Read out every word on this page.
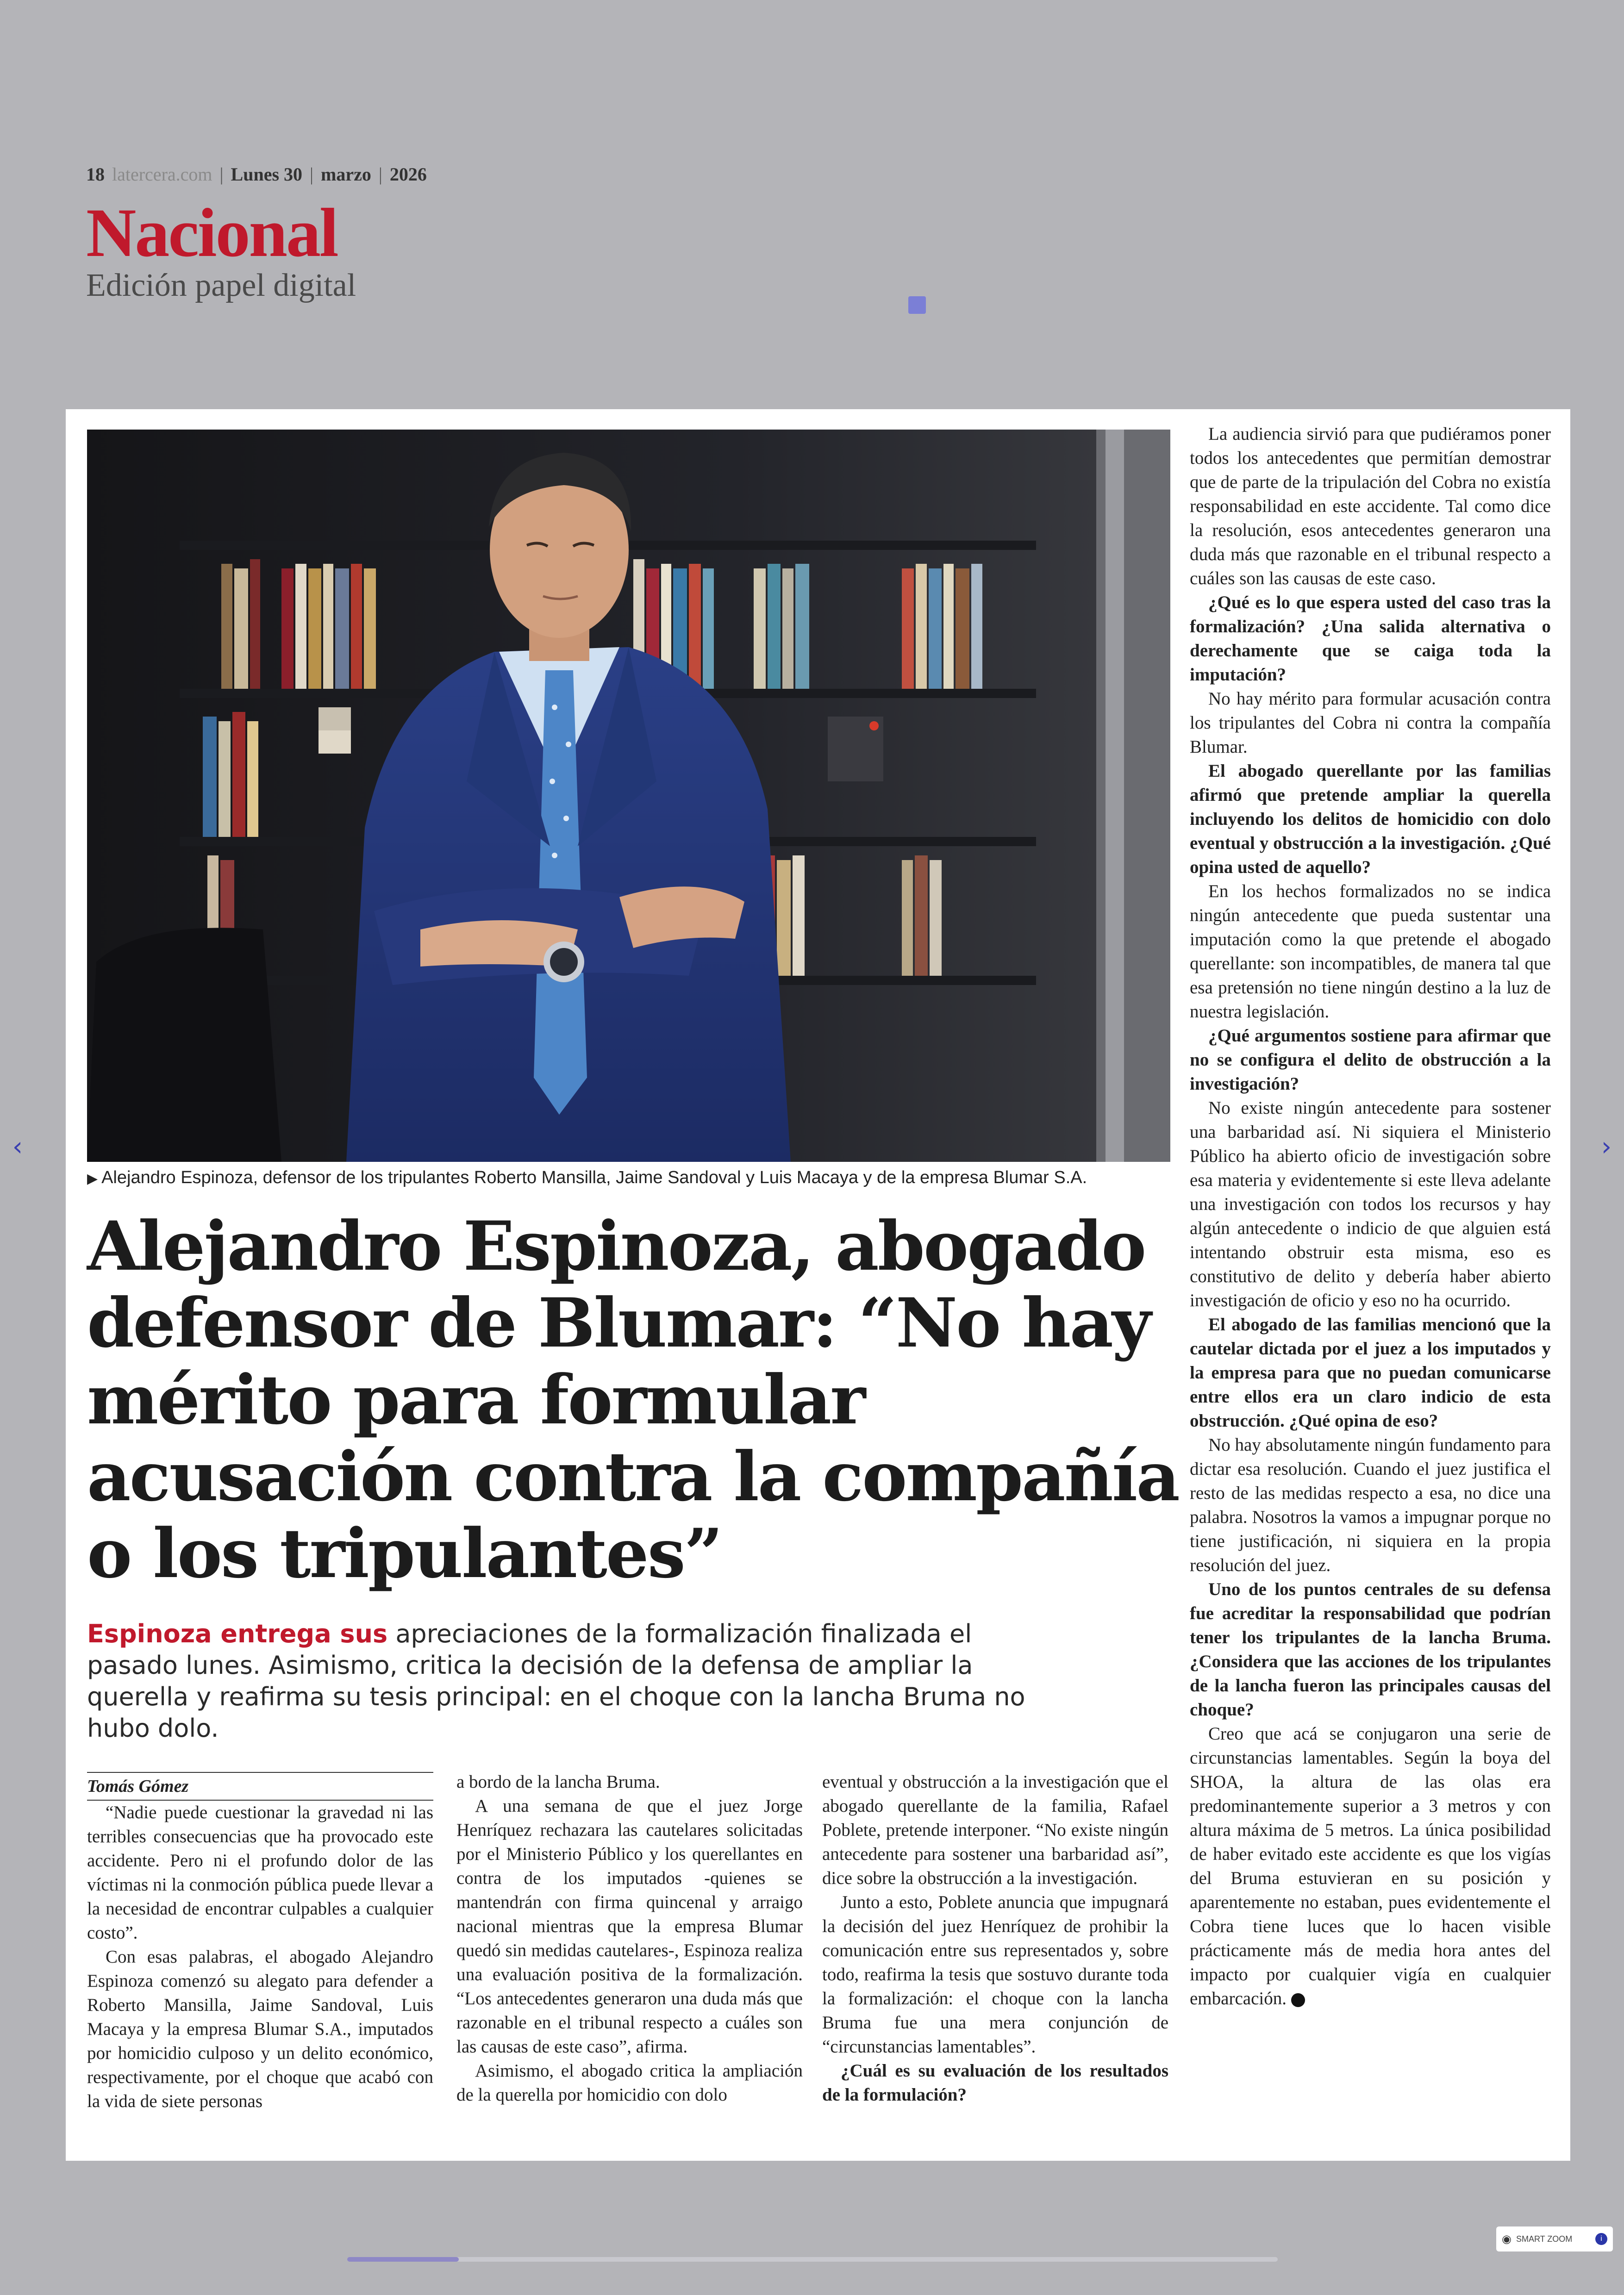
18 latercera.com | Lunes 30 | marzo | 2026
Nacional
Edición papel digital
▶ Alejandro Espinoza, defensor de los tripulantes Roberto Mansilla, Jaime Sandoval y Luis Macaya y de la empresa Blumar S.A.
Alejandro Espinoza, abogado defensor de Blumar: “No hay mérito para formular acusación contra la compañía o los tripulantes”

Espinoza entrega sus apreciaciones de la formalización finalizada el pasado lunes. Asimismo, critica la decisión de la defensa de ampliar la querella y reafirma su tesis principal: en el choque con la lancha Bruma no hubo dolo.

Tomás Gómez

“Nadie puede cuestionar la gravedad ni las terribles consecuencias que ha provocado este accidente. Pero ni el profundo dolor de las víctimas ni la conmoción pública puede llevar a la necesidad de encontrar culpables a cualquier costo”.

Con esas palabras, el abogado Alejandro Espinoza comenzó su alegato para defender a Roberto Mansilla, Jaime Sandoval, Luis Macaya y la empresa Blumar S.A., imputados por homicidio culposo y un delito económico, respectivamente, por el choque que acabó con la vida de siete personas

a bordo de la lancha Bruma.

A una semana de que el juez Jorge Henríquez rechazara las cautelares solicitadas por el Ministerio Público y los querellantes en contra de los imputados -quienes se mantendrán con firma quincenal y arraigo nacional mientras que la empresa Blumar quedó sin medidas cautelares-, Espinoza realiza una evaluación positiva de la formalización. “Los antecedentes generaron una duda más que razonable en el tribunal respecto a cuáles son las causas de este caso”, afirma.

Asimismo, el abogado critica la ampliación de la querella por homicidio con dolo

eventual y obstrucción a la investigación que el abogado querellante de la familia, Rafael Poblete, pretende interponer. “No existe ningún antecedente para sostener una barbaridad así”, dice sobre la obstrucción a la investigación.

Junto a esto, Poblete anuncia que impugnará la decisión del juez Henríquez de prohibir la comunicación entre sus representados y, sobre todo, reafirma la tesis que sostuvo durante toda la formalización: el choque con la lancha Bruma fue una mera conjunción de “circunstancias lamentables”.

¿Cuál es su evaluación de los resultados de la formulación?

La audiencia sirvió para que pudiéramos poner todos los antecedentes que permitían demostrar que de parte de la tripulación del Cobra no existía responsabilidad en este accidente. Tal como dice la resolución, esos antecedentes generaron una duda más que razonable en el tribunal respecto a cuáles son las causas de este caso.

¿Qué es lo que espera usted del caso tras la formalización? ¿Una salida alternativa o derechamente que se caiga toda la imputación?

No hay mérito para formular acusación contra los tripulantes del Cobra ni contra la compañía Blumar.

El abogado querellante por las familias afirmó que pretende ampliar la querella incluyendo los delitos de homicidio con dolo eventual y obstrucción a la investigación. ¿Qué opina usted de aquello?

En los hechos formalizados no se indica ningún antecedente que pueda sustentar una imputación como la que pretende el abogado querellante: son incompatibles, de manera tal que esa pretensión no tiene ningún destino a la luz de nuestra legislación.

¿Qué argumentos sostiene para afirmar que no se configura el delito de obstrucción a la investigación?

No existe ningún antecedente para sostener una barbaridad así. Ni siquiera el Ministerio Público ha abierto oficio de investigación sobre esa materia y evidentemente si este lleva adelante una investigación con todos los recursos y hay algún antecedente o indicio de que alguien está intentando obstruir esta misma, eso es constitutivo de delito y debería haber abierto investigación de oficio y eso no ha ocurrido.

El abogado de las familias mencionó que la cautelar dictada por el juez a los imputados y la empresa para que no puedan comunicarse entre ellos era un claro indicio de esta obstrucción. ¿Qué opina de eso?

No hay absolutamente ningún fundamento para dictar esa resolución. Cuando el juez justifica el resto de las medidas respecto a esa, no dice una palabra. Nosotros la vamos a impugnar porque no tiene justificación, ni siquiera en la propia resolución del juez.

Uno de los puntos centrales de su defensa fue acreditar la responsabilidad que podrían tener los tripulantes de la lancha Bruma. ¿Considera que las acciones de los tripulantes de la lancha fueron las principales causas del choque?

Creo que acá se conjugaron una serie de circunstancias lamentables. Según la boya del SHOA, la altura de las olas era predominantemente superior a 3 metros y con altura máxima de 5 metros. La única posibilidad de haber evitado este accidente es que los vigías del Bruma estuvieran en su posición y aparentemente no estaban, pues evidentemente el Cobra tiene luces que lo hacen visible prácticamente más de media hora antes del impacto por cualquier vigía en cualquier embarcación.

‹	›
◉ SMART ZOOM	i
